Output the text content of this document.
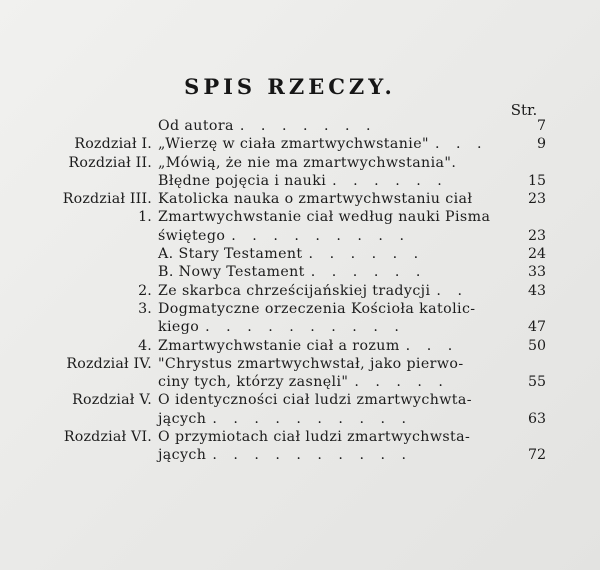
SPIS RZECZY.
Str.
Od autora . . . . . . .	7
Rozdział I. „Wierzę w ciała zmartwychwstanie" . . .	9
Rozdział II. „Mówią, że nie ma zmartwychwstania".
Błędne pojęcia i nauki . . . . . .	15
Rozdział III. Katolicka nauka o zmartwychwstaniu ciał	23
1. Zmartwychwstanie ciał według nauki Pisma
świętego . . . . . . . . .	23
A. Stary Testament . . . . . .	24
B. Nowy Testament . . . . . .	33
2. Ze skarbca chrześcijańskiej tradycji . .	43
3. Dogmatyczne orzeczenia Kościoła katolic-
kiego . . . . . . . . . .	47
4. Zmartwychwstanie ciał a rozum . . .	50
Rozdział IV. "Chrystus zmartwychwstał, jako pierwo-
ciny tych, którzy zasnęli" . . . . .	55
Rozdział V. O identyczności ciał ludzi zmartwychwta-
jących . . . . . . . . . .	63
Rozdział VI. O przymiotach ciał ludzi zmartwychwsta-
jących . . . . . . . . . .	72
